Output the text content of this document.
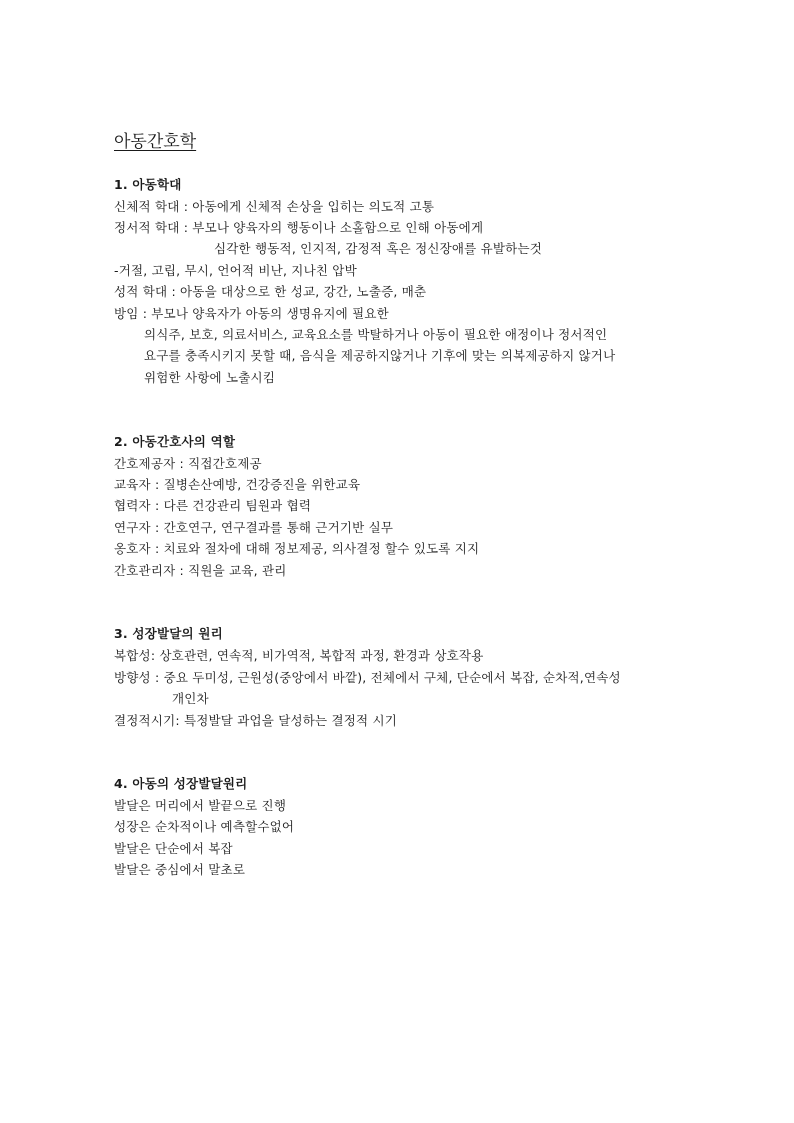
아동간호학
1. 아동학대
신체적 학대 : 아동에게 신체적 손상을 입히는 의도적 고통
정서적 학대 : 부모나 양육자의 행동이나 소홀함으로 인해 아동에게
심각한 행동적, 인지적, 감정적 혹은 정신장애를 유발하는것
-거절, 고립, 무시, 언어적 비난, 지나친 압박
성적 학대 : 아동을 대상으로 한 성교, 강간, 노출증, 매춘
방임 : 부모나 양육자가 아동의 생명유지에 필요한
의식주, 보호, 의료서비스, 교육요소를 박탈하거나 아동이 필요한 애정이나 정서적인
요구를 충족시키지 못할 때, 음식을 제공하지않거나 기후에 맞는 의복제공하지 않거나
위험한 사항에 노출시킴
2. 아동간호사의 역할
간호제공자 : 직접간호제공
교육자 : 질병손산예방, 건강증진을 위한교육
협력자 : 다른 건강관리 팀원과 협력
연구자 : 간호연구, 연구결과를 통해 근거기반 실무
옹호자 : 치료와 절차에 대해 정보제공, 의사결정 할수 있도록 지지
간호관리자 : 직원을 교육, 관리
3. 성장발달의 원리
복합성: 상호관련, 연속적, 비가역적, 복합적 과정, 환경과 상호작용
방향성 : 중요 두미성, 근원성(중앙에서 바깥), 전체에서 구체, 단순에서 복잡, 순차적,연속성
개인차
결정적시기: 특정발달 과업을 달성하는 결정적 시기
4. 아동의 성장발달원리
발달은 머리에서 발끝으로 진행
성장은 순차적이나 예측할수없어
발달은 단순에서 복잡
발달은 중심에서 말초로
